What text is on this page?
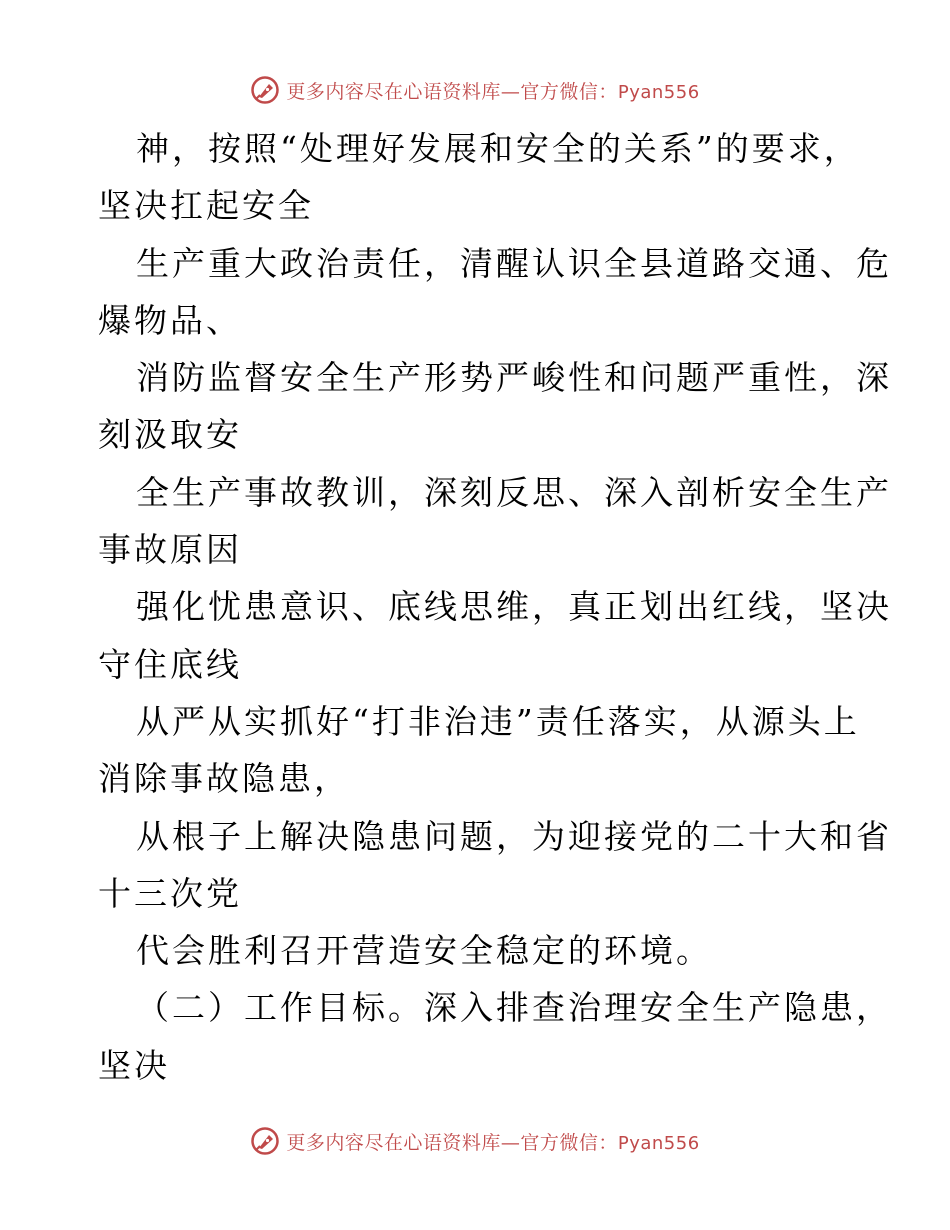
更多内容尽在心语资料库—官方微信：Pyan556
神，按照“处理好发展和安全的关系”的要求，
坚决扛起安全
生产重大政治责任，清醒认识全县道路交通、危
爆物品、
消防监督安全生产形势严峻性和问题严重性，深
刻汲取安
全生产事故教训，深刻反思、深入剖析安全生产
事故原因
强化忧患意识、底线思维，真正划出红线，坚决
守住底线
从严从实抓好“打非治违”责任落实，从源头上
消除事故隐患，
从根子上解决隐患问题，为迎接党的二十大和省
十三次党
代会胜利召开营造安全稳定的环境。
（二）工作目标。深入排查治理安全生产隐患，
坚决
更多内容尽在心语资料库—官方微信：Pyan556
